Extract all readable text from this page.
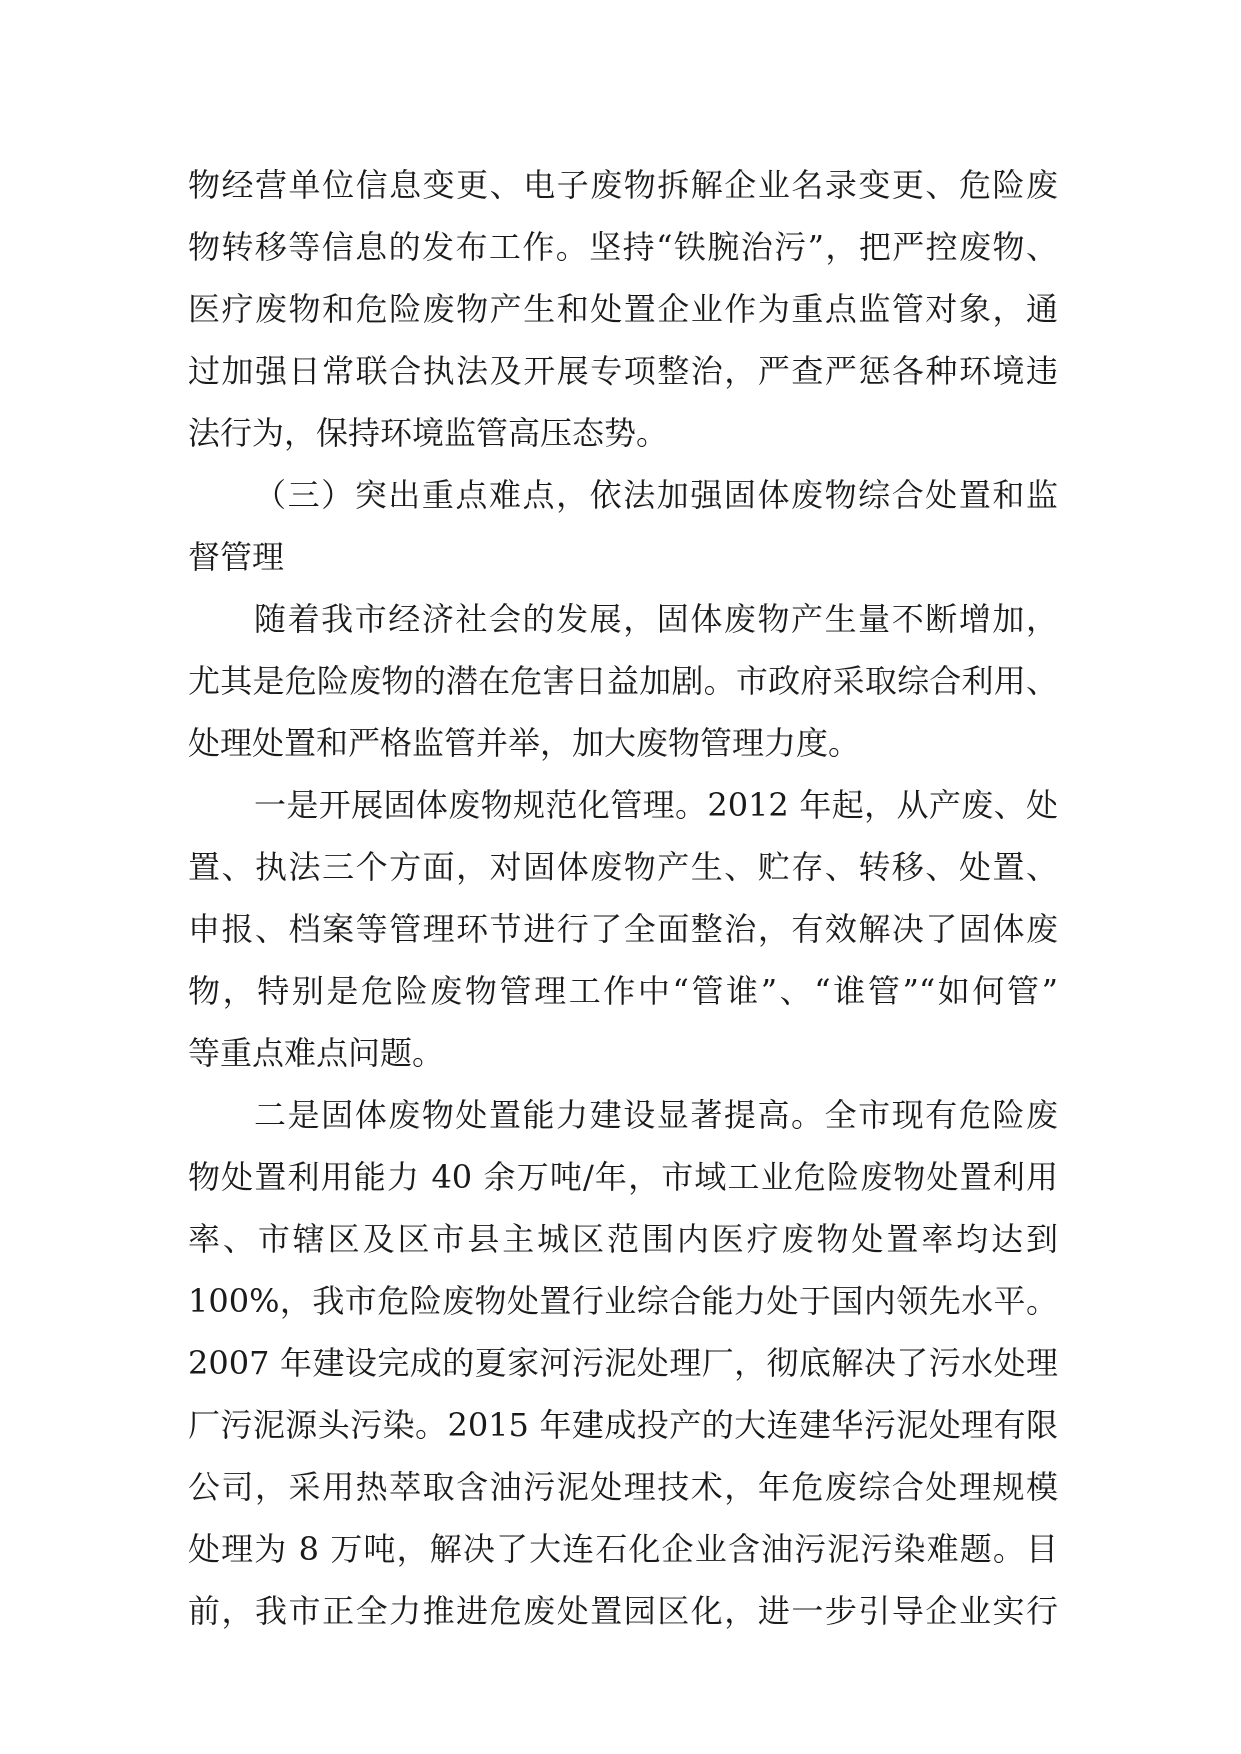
物经营单位信息变更、电子废物拆解企业名录变更、危险废
物转移等信息的发布工作。坚持“铁腕治污”，把严控废物、
医疗废物和危险废物产生和处置企业作为重点监管对象，通
过加强日常联合执法及开展专项整治，严查严惩各种环境违
法行为，保持环境监管高压态势。
（三）突出重点难点，依法加强固体废物综合处置和监
督管理
随着我市经济社会的发展，固体废物产生量不断增加，
尤其是危险废物的潜在危害日益加剧。市政府采取综合利用、
处理处置和严格监管并举，加大废物管理力度。
一是开展固体废物规范化管理。2012 年起，从产废、处
置、执法三个方面，对固体废物产生、贮存、转移、处置、
申报、档案等管理环节进行了全面整治，有效解决了固体废
物，特别是危险废物管理工作中“管谁”、“谁管”“如何管”
等重点难点问题。
二是固体废物处置能力建设显著提高。全市现有危险废
物处置利用能力 40 余万吨/年，市域工业危险废物处置利用
率、市辖区及区市县主城区范围内医疗废物处置率均达到
100%，我市危险废物处置行业综合能力处于国内领先水平。
2007 年建设完成的夏家河污泥处理厂，彻底解决了污水处理
厂污泥源头污染。2015 年建成投产的大连建华污泥处理有限
公司，采用热萃取含油污泥处理技术，年危废综合处理规模
处理为 8 万吨，解决了大连石化企业含油污泥污染难题。目
前，我市正全力推进危废处置园区化，进一步引导企业实行
